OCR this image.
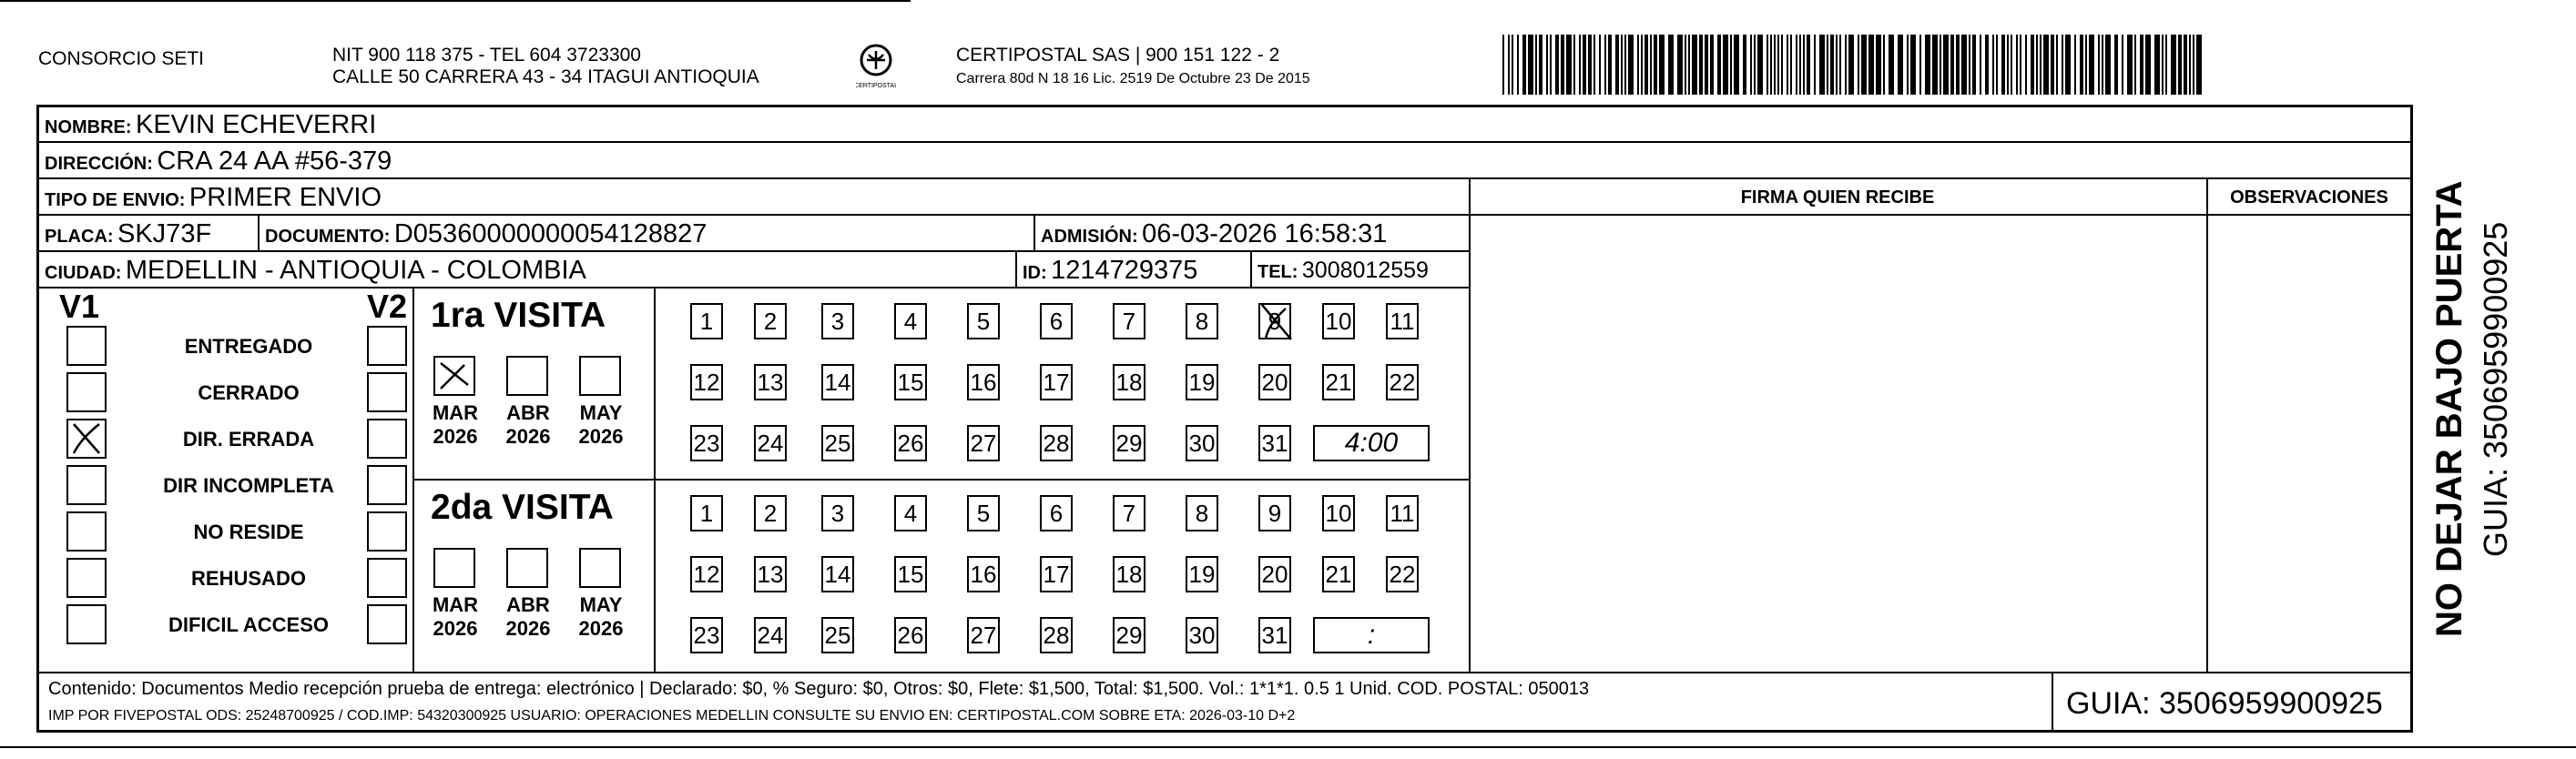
CONSORCIO SETI	NIT 900 118 375 - TEL 604 3723300
CALLE 50 CARRERA 43 - 34 ITAGUI ANTIOQUIA	CERTIPOSTAL
CERTIPOSTAL SAS | 900 151 122 - 2
Carrera 80d N 18 16 Lic. 2519 De Octubre 23 De 2015
NOMBRE: KEVIN ECHEVERRI
DIRECCIÓN: CRA 24 AA #56-379
TIPO DE ENVIO: PRIMER ENVIO	FIRMA QUIEN RECIBE	OBSERVACIONES
PLACA: SKJ73F	DOCUMENTO: D05360000000054128827	ADMISIÓN: 06-03-2026 16:58:31
CIUDAD: MEDELLIN - ANTIOQUIA - COLOMBIA	ID: 1214729375	TEL: 3008012559
V1	V2
ENTREGADO
CERRADO
DIR. ERRADA
DIR INCOMPLETA
NO RESIDE
REHUSADO
DIFICIL ACCESO
1ra VISITA
MAR
2026
ABR
2026
MAY
2026
1	2	3	4	5	6	7	8	9	10 11
12 13 14 15 16 17 18 19 20 21 22
23 24 25 26 27 28 29 30 31	4:00
2da VISITA
MAR
2026
ABR
2026
MAY
2026
1	2	3	4	5	6	7	8	9	10 11
12 13 14 15 16 17 18 19 20 21 22
23 24 25 26 27 28 29 30 31	:
Contenido: Documentos Medio recepción prueba de entrega: electrónico | Declarado: $0, % Seguro: $0, Otros: $0, Flete: $1,500, Total: $1,500. Vol.: 1*1*1. 0.5 1 Unid. COD. POSTAL: 050013
IMP POR FIVEPOSTAL ODS: 25248700925 / COD.IMP: 54320300925 USUARIO: OPERACIONES MEDELLIN CONSULTE SU ENVIO EN: CERTIPOSTAL.COM SOBRE ETA: 2026-03-10 D+2	GUIA: 3506959900925
NO DEJAR BAJO PUERTA GUIA: 3506959900925
